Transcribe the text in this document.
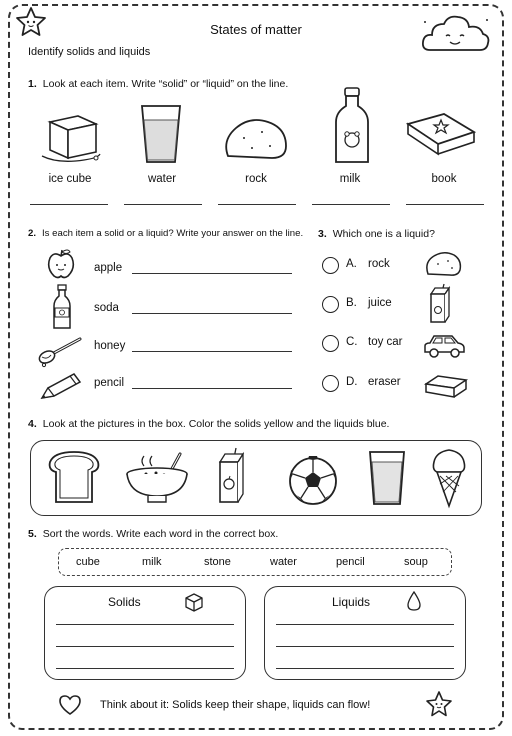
States of matter
Identify solids and liquids
1. Look at each item. Write “solid” or “liquid” on the line.
ice cube	water	rock	milk	book
2. Is each item a solid or a liquid? Write your answer on the line.
apple
soda
honey
pencil
3. Which one is a liquid?
A. rock
B. juice
C. toy car
D. eraser
4. Look at the pictures in the box. Color the solids yellow and the liquids blue.
5. Sort the words. Write each word in the correct box.
cube	milk	stone	water	pencil	soup
Solids	Liquids
Think about it: Solids keep their shape, liquids can flow!
